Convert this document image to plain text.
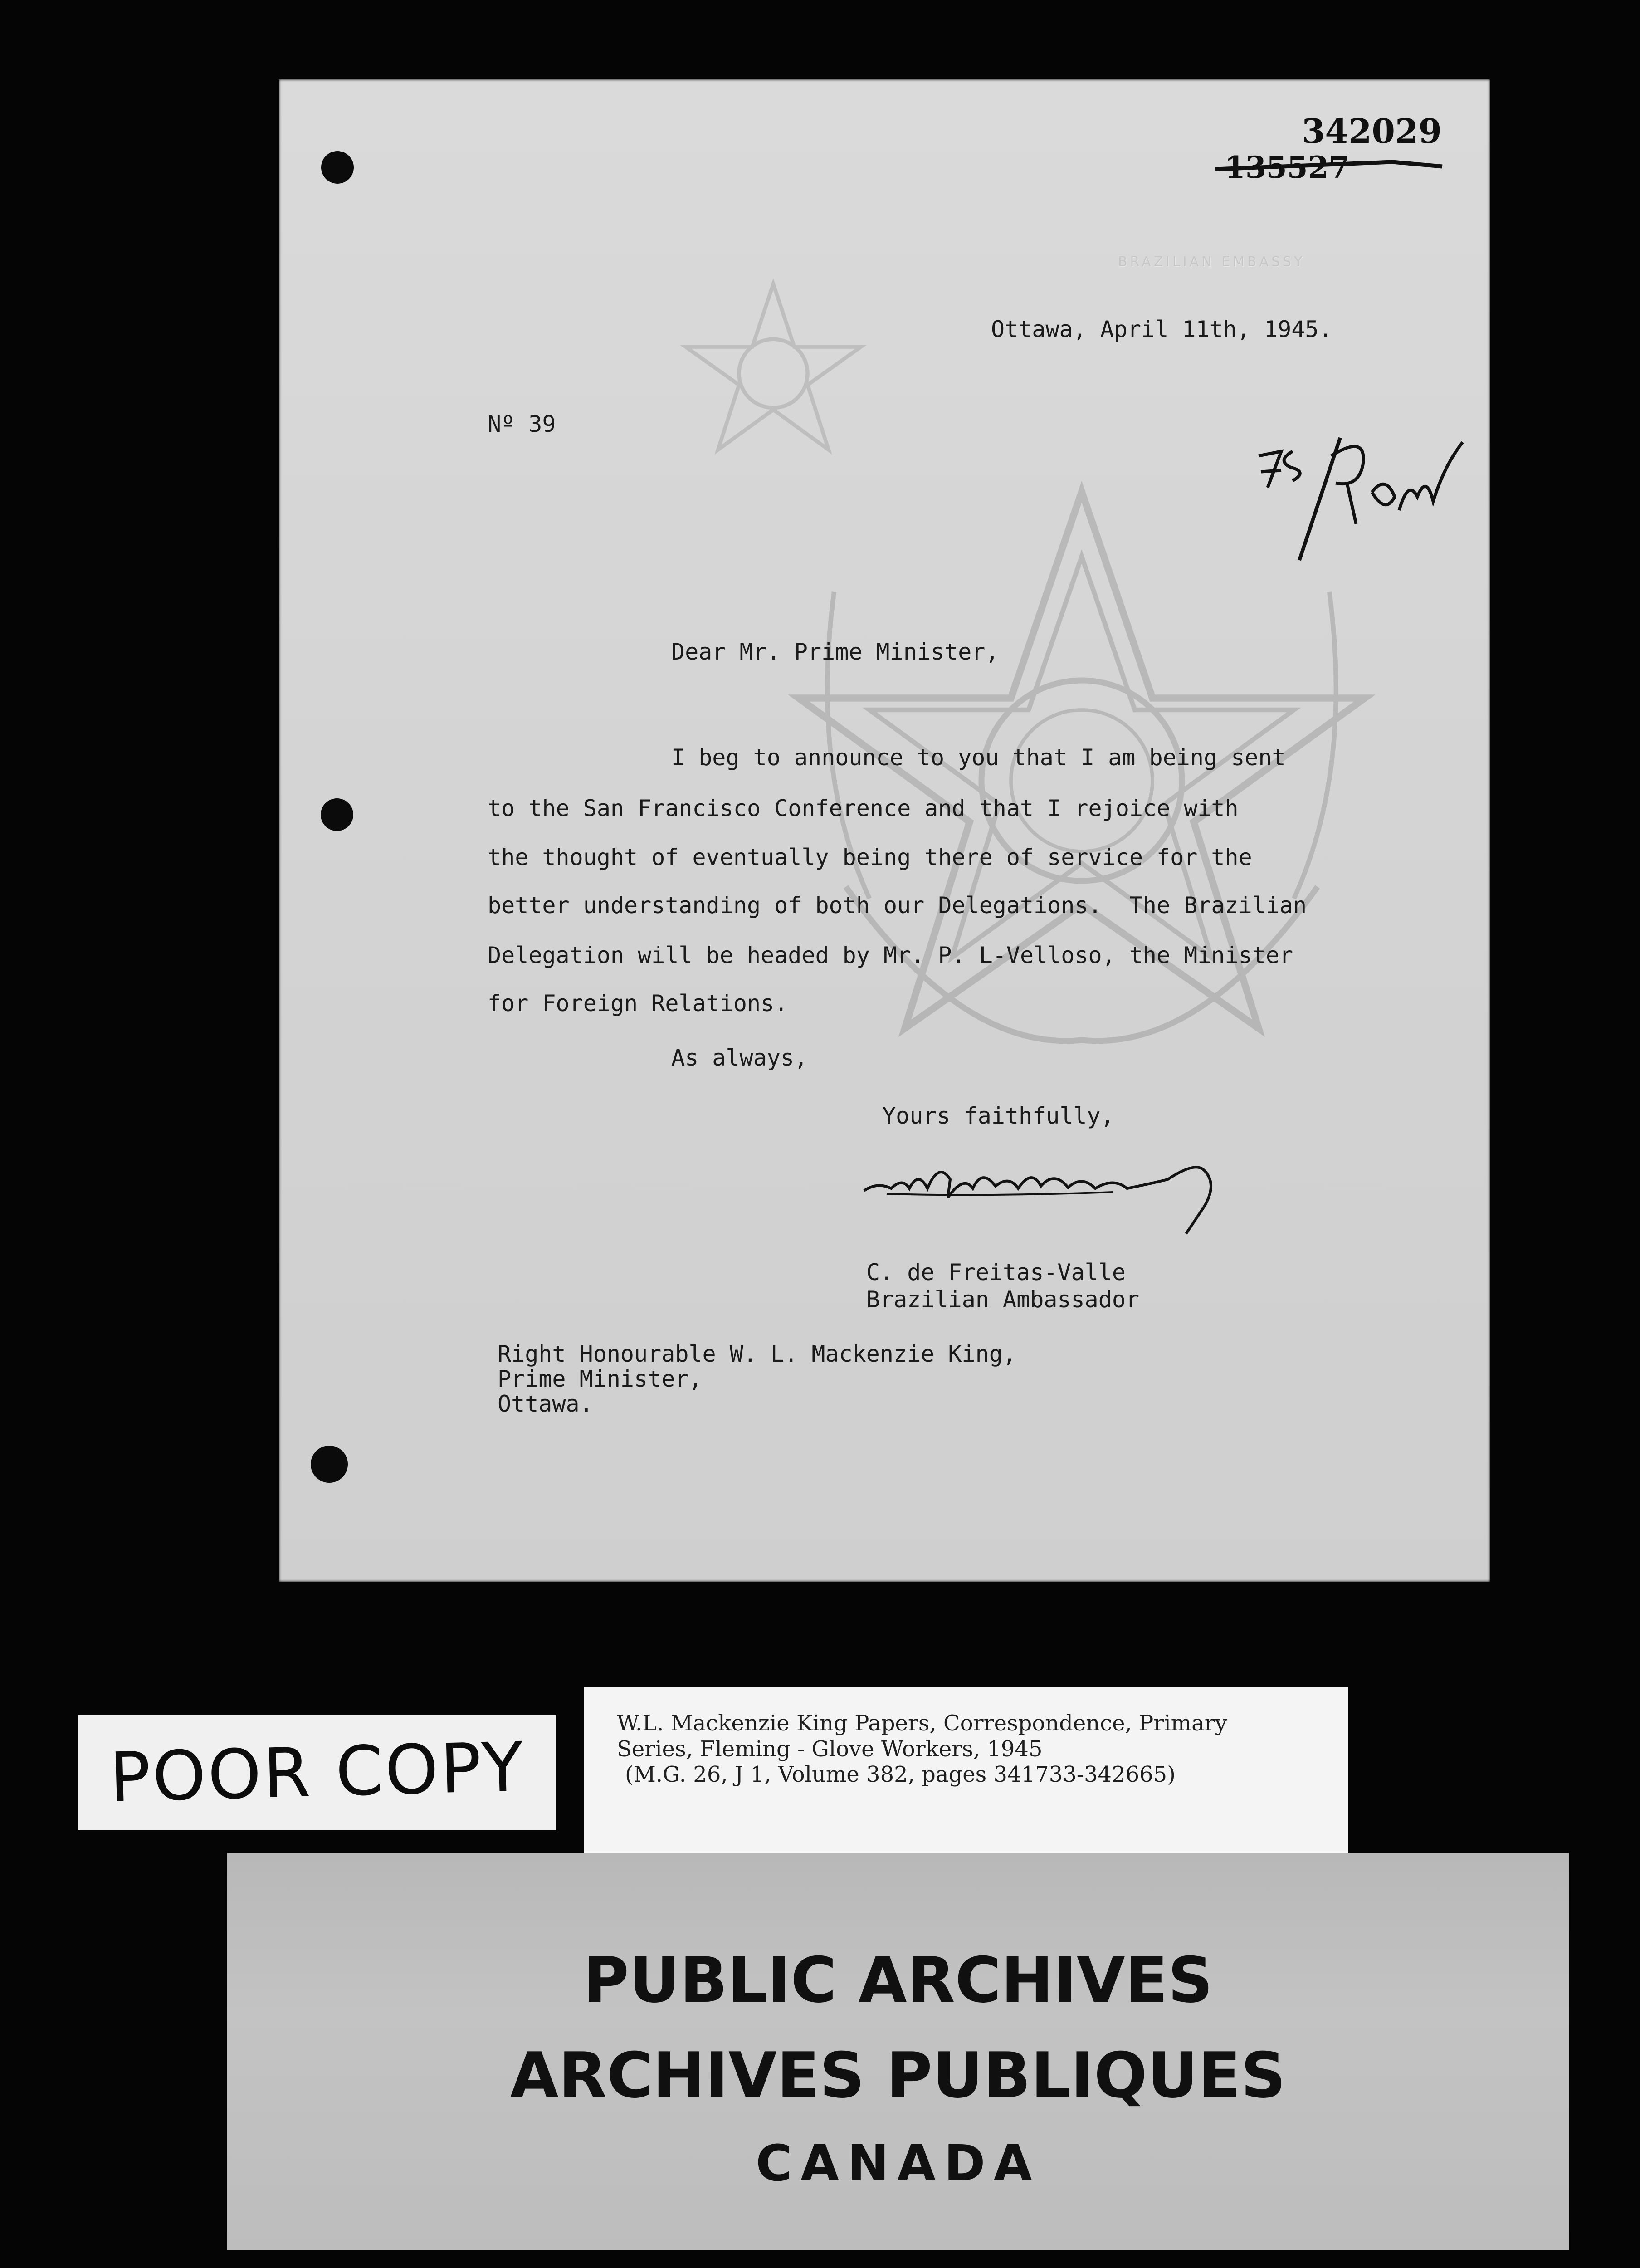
BRAZILIAN EMBASSY
342029
135527
Ottawa, April 11th, 1945.
Nº 39
Dear Mr. Prime Minister,
I beg to announce to you that I am being sent
to the San Francisco Conference and that I rejoice with
the thought of eventually being there of service for the
better understanding of both our Delegations.  The Brazilian
Delegation will be headed by Mr. P. L-Velloso, the Minister
for Foreign Relations.
As always,
Yours faithfully,
C. de Freitas-Valle
Brazilian Ambassador
Right Honourable W. L. Mackenzie King,
Prime Minister,
Ottawa.
POOR COPY
W.L. Mackenzie King Papers, Correspondence, Primary
Series, Fleming - Glove Workers, 1945
(M.G. 26, J 1, Volume 382, pages 341733-342665)
PUBLIC ARCHIVES
ARCHIVES PUBLIQUES
CANADA
